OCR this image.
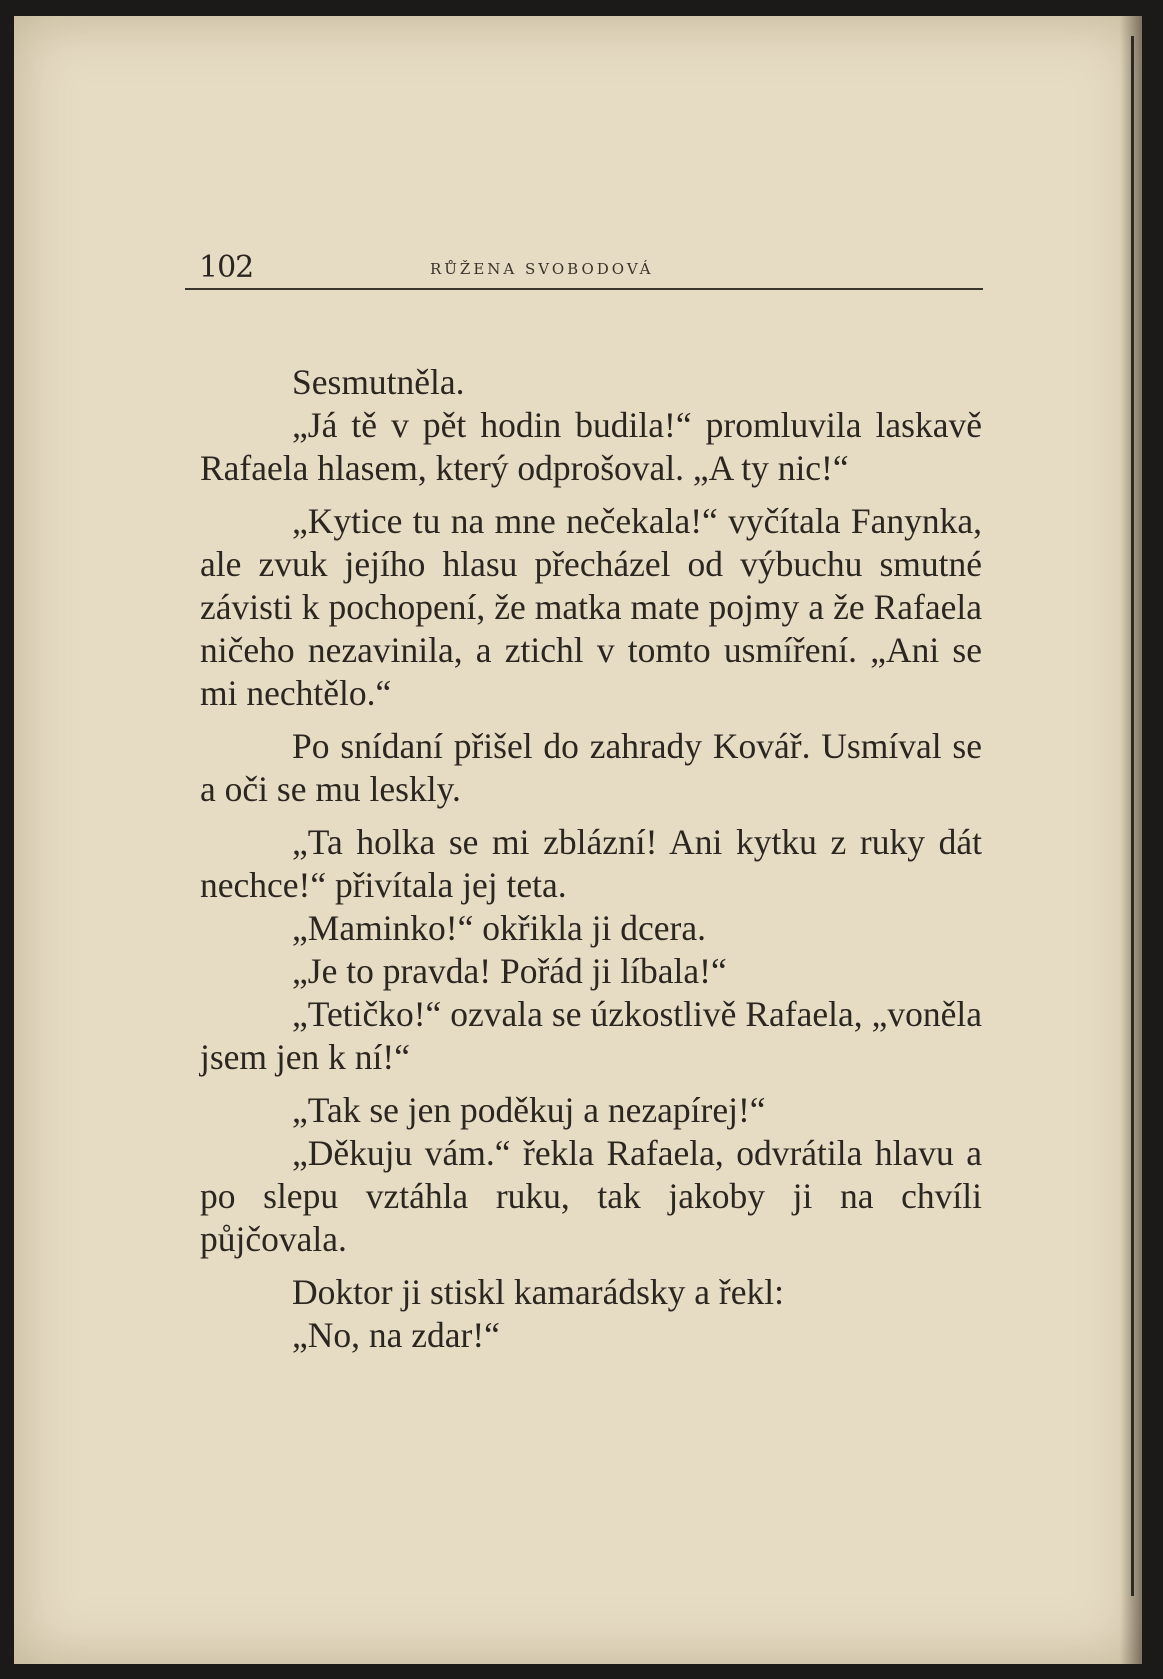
102	RŮŽENA SVOBODOVÁ

Sesmutněla.

„Já tě v pět hodin budila!“ promluvila laskavě Rafaela hlasem, který odprošoval. „A ty nic!“

„Kytice tu na mne nečekala!“ vyčítala Fanynka, ale zvuk jejího hlasu přecházel od výbuchu smutné závisti k pochopení, že matka mate pojmy a že Rafaela ničeho nezavinila, a ztichl v tomto usmíření. „Ani se mi nechtělo.“

Po snídaní přišel do zahrady Kovář. Usmíval se a oči se mu leskly.

„Ta holka se mi zblázní! Ani kytku z ruky dát nechce!“ přivítala jej teta.

„Maminko!“ okřikla ji dcera.

„Je to pravda! Pořád ji líbala!“

„Tetičko!“ ozvala se úzkostlivě Rafaela, „voněla jsem jen k ní!“

„Tak se jen poděkuj a nezapírej!“

„Děkuju vám.“ řekla Rafaela, odvrátila hlavu a po slepu vztáhla ruku, tak jakoby ji na chvíli půjčovala.

Doktor ji stiskl kamarádsky a řekl:

„No, na zdar!“
